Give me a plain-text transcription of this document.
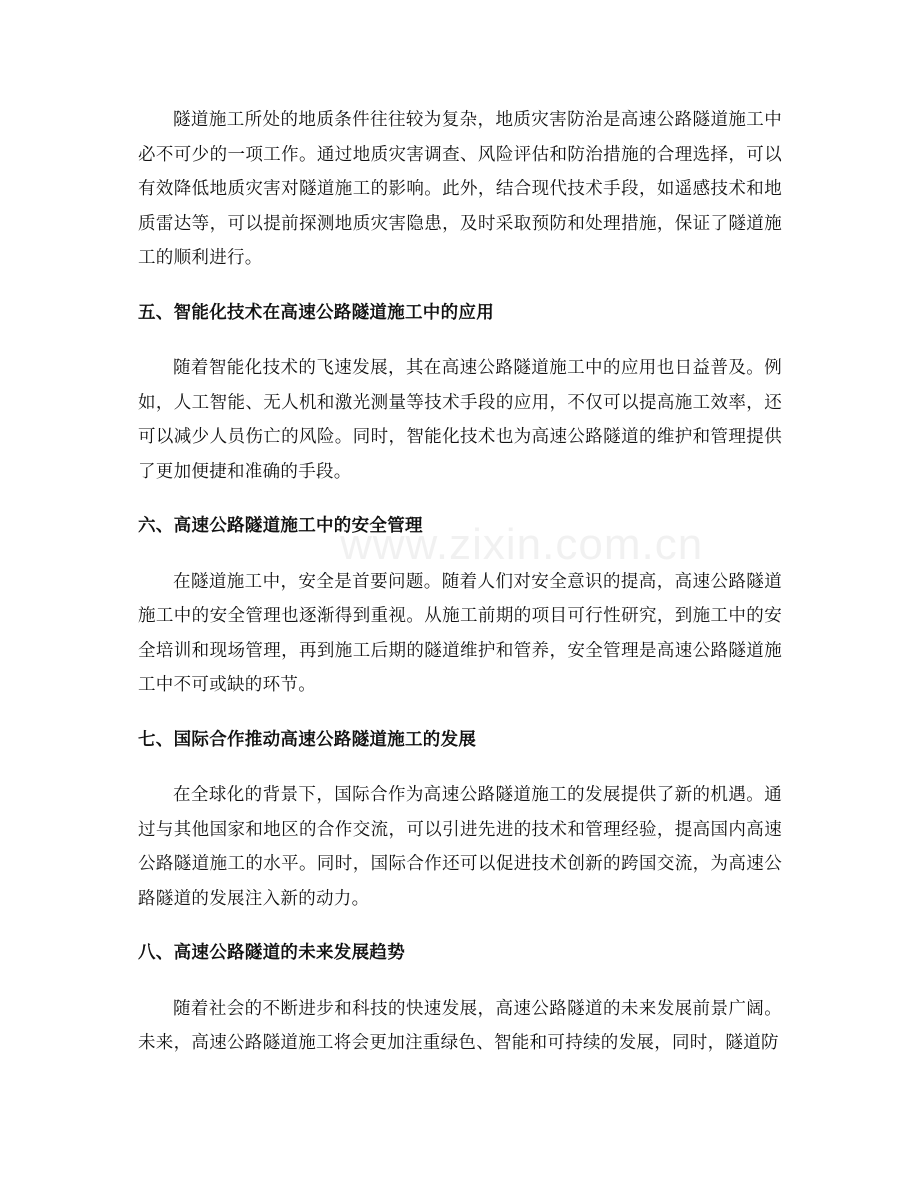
www.zixin.com.cn

隧道施工所处的地质条件往往较为复杂，地质灾害防治是高速公路隧道施工中必不可少的一项工作。通过地质灾害调查、风险评估和防治措施的合理选择，可以有效降低地质灾害对隧道施工的影响。此外，结合现代技术手段，如遥感技术和地质雷达等，可以提前探测地质灾害隐患，及时采取预防和处理措施，保证了隧道施工的顺利进行。

五、智能化技术在高速公路隧道施工中的应用

随着智能化技术的飞速发展，其在高速公路隧道施工中的应用也日益普及。例如，人工智能、无人机和激光测量等技术手段的应用，不仅可以提高施工效率，还可以减少人员伤亡的风险。同时，智能化技术也为高速公路隧道的维护和管理提供了更加便捷和准确的手段。

六、高速公路隧道施工中的安全管理

在隧道施工中，安全是首要问题。随着人们对安全意识的提高，高速公路隧道施工中的安全管理也逐渐得到重视。从施工前期的项目可行性研究，到施工中的安全培训和现场管理，再到施工后期的隧道维护和管养，安全管理是高速公路隧道施工中不可或缺的环节。

七、国际合作推动高速公路隧道施工的发展

在全球化的背景下，国际合作为高速公路隧道施工的发展提供了新的机遇。通过与其他国家和地区的合作交流，可以引进先进的技术和管理经验，提高国内高速公路隧道施工的水平。同时，国际合作还可以促进技术创新的跨国交流，为高速公路隧道的发展注入新的动力。

八、高速公路隧道的未来发展趋势

随着社会的不断进步和科技的快速发展，高速公路隧道的未来发展前景广阔。未来，高速公路隧道施工将会更加注重绿色、智能和可持续的发展，同时，隧道防
